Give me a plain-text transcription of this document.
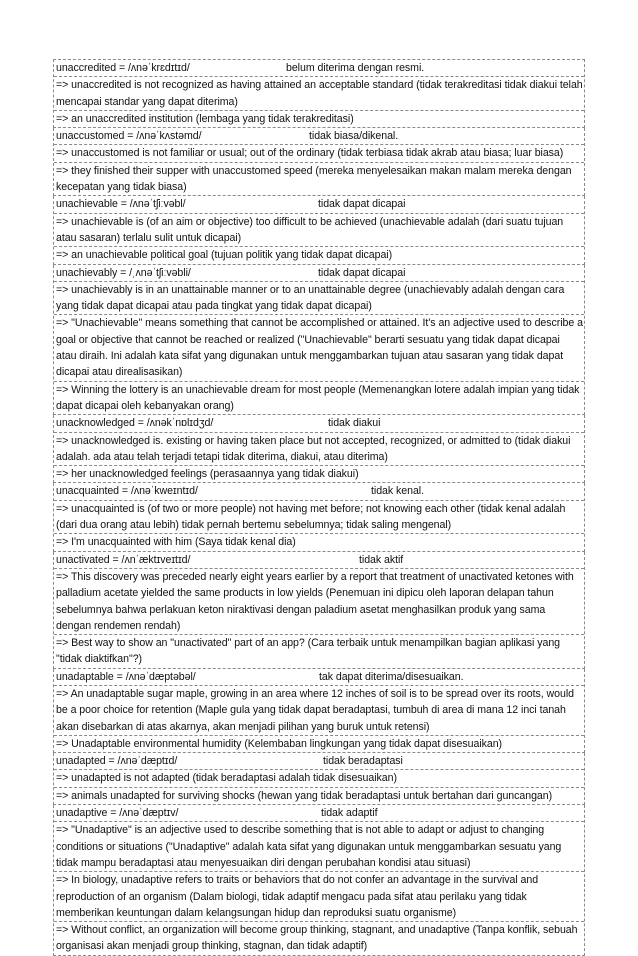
unaccredited = /ʌnəˈkrɛdɪtɪd/	belum diterima dengan resmi.
=> unaccredited is not recognized as having attained an acceptable standard (tidak terakreditasi tidak diakui telah mencapai standar yang dapat diterima)
=> an unaccredited institution (lembaga yang tidak terakreditasi)
unaccustomed = /ʌnəˈkʌstəmd/	tidak biasa/dikenal.
=> unaccustomed is not familiar or usual; out of the ordinary (tidak terbiasa tidak akrab atau biasa; luar biasa)
=> they finished their supper with unaccustomed speed (mereka menyelesaikan makan malam mereka dengan kecepatan yang tidak biasa)
unachievable = /ʌnəˈtʃiːvəbl/	tidak dapat dicapai
=> unachievable is (of an aim or objective) too difficult to be achieved (unachievable adalah (dari suatu tujuan atau sasaran) terlalu sulit untuk dicapai)
=> an unachievable political goal (tujuan politik yang tidak dapat dicapai)
unachievably = /ˌʌnəˈtʃiːvəbli/	tidak dapat dicapai
=> unachievably is in an unattainable manner or to an unattainable degree (unachievably adalah dengan cara yang tidak dapat dicapai atau pada tingkat yang tidak dapat dicapai)
=> "Unachievable" means something that cannot be accomplished or attained. It's an adjective used to describe a goal or objective that cannot be reached or realized ("Unachievable" berarti sesuatu yang tidak dapat dicapai atau diraih. Ini adalah kata sifat yang digunakan untuk menggambarkan tujuan atau sasaran yang tidak dapat dicapai atau direalisasikan)
=> Winning the lottery is an unachievable dream for most people (Memenangkan lotere adalah impian yang tidak dapat dicapai oleh kebanyakan orang)
unacknowledged = /ʌnəkˈnɒlɪdʒd/	tidak diakui
=> unacknowledged is. existing or having taken place but not accepted, recognized, or admitted to (tidak diakui adalah. ada atau telah terjadi tetapi tidak diterima, diakui, atau diterima)
=> her unacknowledged feelings (perasaannya yang tidak diakui)
unacquainted = /ʌnəˈkweɪntɪd/	tidak kenal.
=> unacquainted is (of two or more people) not having met before; not knowing each other (tidak kenal adalah (dari dua orang atau lebih) tidak pernah bertemu sebelumnya; tidak saling mengenal)
=> I'm unacquainted with him (Saya tidak kenal dia)
unactivated = /ʌnˈæktɪveɪtɪd/	tidak aktif
=> This discovery was preceded nearly eight years earlier by a report that treatment of unactivated ketones with palladium acetate yielded the same products in low yields (Penemuan ini dipicu oleh laporan delapan tahun sebelumnya bahwa perlakuan keton niraktivasi dengan paladium asetat menghasilkan produk yang sama dengan rendemen rendah)
=> Best way to show an "unactivated" part of an app? (Cara terbaik untuk menampilkan bagian aplikasi yang "tidak diaktifkan"?)
unadaptable = /ʌnəˈdæptəbəl/	tak dapat diterima/disesuaikan.
=> An unadaptable sugar maple, growing in an area where 12 inches of soil is to be spread over its roots, would be a poor choice for retention (Maple gula yang tidak dapat beradaptasi, tumbuh di area di mana 12 inci tanah akan disebarkan di atas akarnya, akan menjadi pilihan yang buruk untuk retensi)
=> Unadaptable environmental humidity (Kelembaban lingkungan yang tidak dapat disesuaikan)
unadapted = /ʌnəˈdæptɪd/	tidak beradaptasi
=> unadapted is not adapted (tidak beradaptasi adalah tidak disesuaikan)
=> animals unadapted for surviving shocks (hewan yang tidak beradaptasi untuk bertahan dari guncangan)
unadaptive = /ʌnəˈdæptɪv/	tidak adaptif
=> "Unadaptive" is an adjective used to describe something that is not able to adapt or adjust to changing conditions or situations ("Unadaptive" adalah kata sifat yang digunakan untuk menggambarkan sesuatu yang tidak mampu beradaptasi atau menyesuaikan diri dengan perubahan kondisi atau situasi)
=> In biology, unadaptive refers to traits or behaviors that do not confer an advantage in the survival and reproduction of an organism (Dalam biologi, tidak adaptif mengacu pada sifat atau perilaku yang tidak memberikan keuntungan dalam kelangsungan hidup dan reproduksi suatu organisme)
=> Without conflict, an organization will become group thinking, stagnant, and unadaptive (Tanpa konflik, sebuah organisasi akan menjadi group thinking, stagnan, dan tidak adaptif)
